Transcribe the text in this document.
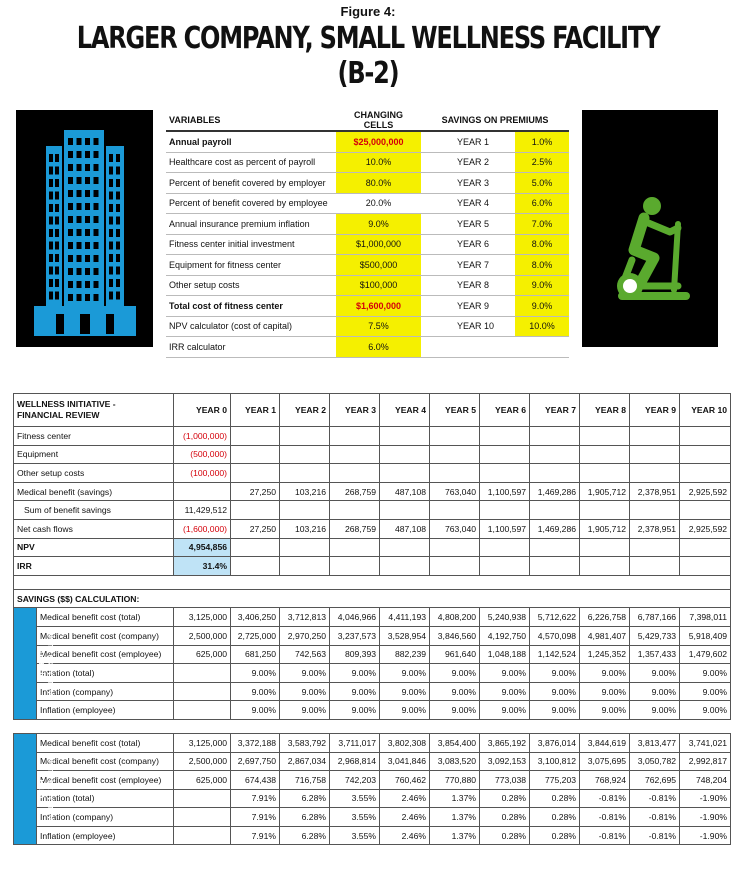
Figure 4:
LARGER COMPANY, SMALL WELLNESS FACILITY (B-2)
VARIABLES	CHANGING CELLS	SAVINGS ON PREMIUMS	
Annual payroll	$25,000,000	YEAR 1	1.0%
Healthcare cost as percent of payroll	10.0%	YEAR 2	2.5%
Percent of benefit covered by employer	80.0%	YEAR 3	5.0%
Percent of benefit covered by employee	20.0%	YEAR 4	6.0%
Annual insurance premium inflation	9.0%	YEAR 5	7.0%
Fitness center initial investment	$1,000,000	YEAR 6	8.0%
Equipment for fitness center	$500,000	YEAR 7	8.0%
Other setup costs	$100,000	YEAR 8	9.0%
Total cost of fitness center	$1,600,000	YEAR 9	9.0%
NPV calculator (cost of capital)	7.5%	YEAR 10	10.0%
IRR calculator	6.0%		
WELLNESS INITIATIVE -
FINANCIAL REVIEW		YEAR 0	YEAR 1	YEAR 2	YEAR 3	YEAR 4	YEAR 5	YEAR 6	YEAR 7	YEAR 8	YEAR 9	YEAR 10
Fitness center		(1,000,000)										
Equipment		(500,000)										
Other setup costs		(100,000)										
Medical benefit (savings)			27,250	103,216	268,759	487,108	763,040	1,100,597	1,469,286	1,905,712	2,378,951	2,925,592
Sum of benefit savings		11,429,512										
Net cash flows		(1,600,000)	27,250	103,216	268,759	487,108	763,040	1,100,597	1,469,286	1,905,712	2,378,951	2,925,592
NPV		4,954,856										
IRR		31.4%										

SAVINGS ($$) CALCULATION:												
WITHOUT
WELLNESS PLAN	Medical benefit cost (total)	3,125,000	3,406,250	3,712,813	4,046,966	4,411,193	4,808,200	5,240,938	5,712,622	6,226,758	6,787,166	7,398,011
	Medical benefit cost (company)	2,500,000	2,725,000	2,970,250	3,237,573	3,528,954	3,846,560	4,192,750	4,570,098	4,981,407	5,429,733	5,918,409
	Medical benefit cost (employee)	625,000	681,250	742,563	809,393	882,239	961,640	1,048,188	1,142,524	1,245,352	1,357,433	1,479,602
	Inflation (total)		9.00%	9.00%	9.00%	9.00%	9.00%	9.00%	9.00%	9.00%	9.00%	9.00%
	Inflation (company)		9.00%	9.00%	9.00%	9.00%	9.00%	9.00%	9.00%	9.00%	9.00%	9.00%
	Inflation (employee)		9.00%	9.00%	9.00%	9.00%	9.00%	9.00%	9.00%	9.00%	9.00%	9.00%

WITH
WELLNESS PLAN	Medical benefit cost (total)	3,125,000	3,372,188	3,583,792	3,711,017	3,802,308	3,854,400	3,865,192	3,876,014	3,844,619	3,813,477	3,741,021
	Medical benefit cost (company)	2,500,000	2,697,750	2,867,034	2,968,814	3,041,846	3,083,520	3,092,153	3,100,812	3,075,695	3,050,782	2,992,817
	Medical benefit cost (employee)	625,000	674,438	716,758	742,203	760,462	770,880	773,038	775,203	768,924	762,695	748,204
	Inflation (total)		7.91%	6.28%	3.55%	2.46%	1.37%	0.28%	0.28%	-0.81%	-0.81%	-1.90%
	Inflation (company)		7.91%	6.28%	3.55%	2.46%	1.37%	0.28%	0.28%	-0.81%	-0.81%	-1.90%
	Inflation (employee)		7.91%	6.28%	3.55%	2.46%	1.37%	0.28%	0.28%	-0.81%	-0.81%	-1.90%
